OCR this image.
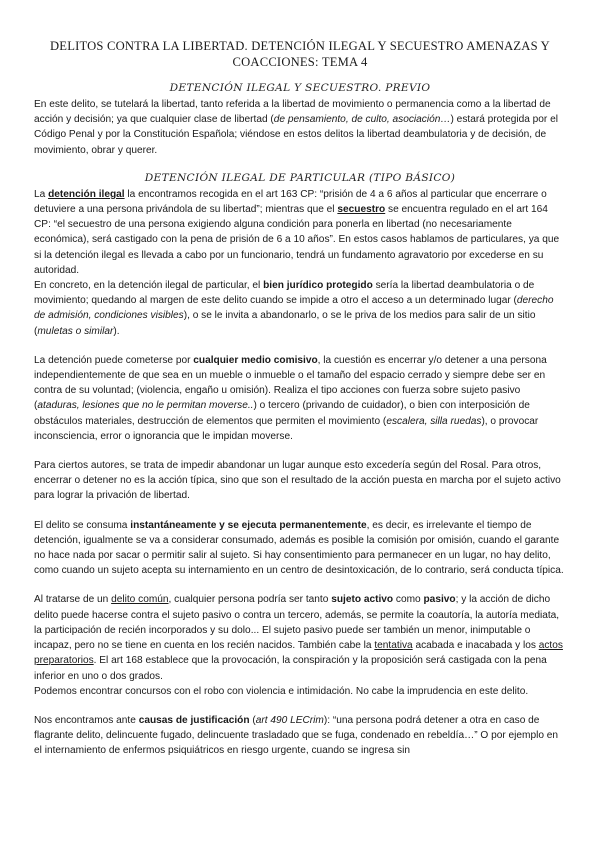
DELITOS CONTRA LA LIBERTAD. DETENCIÓN ILEGAL Y SECUESTRO AMENAZAS Y COACCIONES: TEMA 4
DETENCIÓN ILEGAL Y SECUESTRO. PREVIO

En este delito, se tutelará la libertad, tanto referida a la libertad de movimiento o permanencia como a la libertad de acción y decisión; ya que cualquier clase de libertad (de pensamiento, de culto, asociación…) estará protegida por el Código Penal y por la Constitución Española; viéndose en estos delitos la libertad deambulatoria y de decisión, de movimiento, obrar y querer.

DETENCIÓN ILEGAL DE PARTICULAR (TIPO BÁSICO)

La detención ilegal la encontramos recogida en el art 163 CP: “prisión de 4 a 6 años al particular que encerrare o detuviere a una persona privándola de su libertad”; mientras que el secuestro se encuentra regulado en el art 164 CP: “el secuestro de una persona exigiendo alguna condición para ponerla en libertad (no necesariamente económica), será castigado con la pena de prisión de 6 a 10 años”. En estos casos hablamos de particulares, ya que si la detención ilegal es llevada a cabo por un funcionario, tendrá un fundamento agravatorio por excederse en su autoridad.

En concreto, en la detención ilegal de particular, el bien jurídico protegido sería la libertad deambulatoria o de movimiento; quedando al margen de este delito cuando se impide a otro el acceso a un determinado lugar (derecho de admisión, condiciones visibles), o se le invita a abandonarlo, o se le priva de los medios para salir de un sitio (muletas o similar).

La detención puede cometerse por cualquier medio comisivo, la cuestión es encerrar y/o detener a una persona independientemente de que sea en un mueble o inmueble o el tamaño del espacio cerrado y siempre debe ser en contra de su voluntad; (violencia, engaño u omisión). Realiza el tipo acciones con fuerza sobre sujeto pasivo (ataduras, lesiones que no le permitan moverse..) o tercero (privando de cuidador), o bien con interposición de obstáculos materiales, destrucción de elementos que permiten el movimiento (escalera, silla ruedas), o provocar inconsciencia, error o ignorancia que le impidan moverse.

Para ciertos autores, se trata de impedir abandonar un lugar aunque esto excedería según del Rosal. Para otros, encerrar o detener no es la acción típica, sino que son el resultado de la acción puesta en marcha por el sujeto activo para lograr la privación de libertad.

El delito se consuma instantáneamente y se ejecuta permanentemente, es decir, es irrelevante el tiempo de detención, igualmente se va a considerar consumado, además es posible la comisión por omisión, cuando el garante no hace nada por sacar o permitir salir al sujeto. Si hay consentimiento para permanecer en un lugar, no hay delito, como cuando un sujeto acepta su internamiento en un centro de desintoxicación, de lo contrario, será conducta típica.

Al tratarse de un delito común, cualquier persona podría ser tanto sujeto activo como pasivo; y la acción de dicho delito puede hacerse contra el sujeto pasivo o contra un tercero, además, se permite la coautoría, la autoría mediata, la participación de recién incorporados y su dolo... El sujeto pasivo puede ser también un menor, inimputable o incapaz, pero no se tiene en cuenta en los recién nacidos. También cabe la tentativa acabada e inacabada y los actos preparatorios. El art 168 establece que la provocación, la conspiración y la proposición será castigada con la pena inferior en uno o dos grados.

Podemos encontrar concursos con el robo con violencia e intimidación. No cabe la imprudencia en este delito.

Nos encontramos ante causas de justificación (art 490 LECrim): “una persona podrá detener a otra en caso de flagrante delito, delincuente fugado, delincuente trasladado que se fuga, condenado en rebeldía…” O por ejemplo en el internamiento de enfermos psiquiátricos en riesgo urgente, cuando se ingresa sin
